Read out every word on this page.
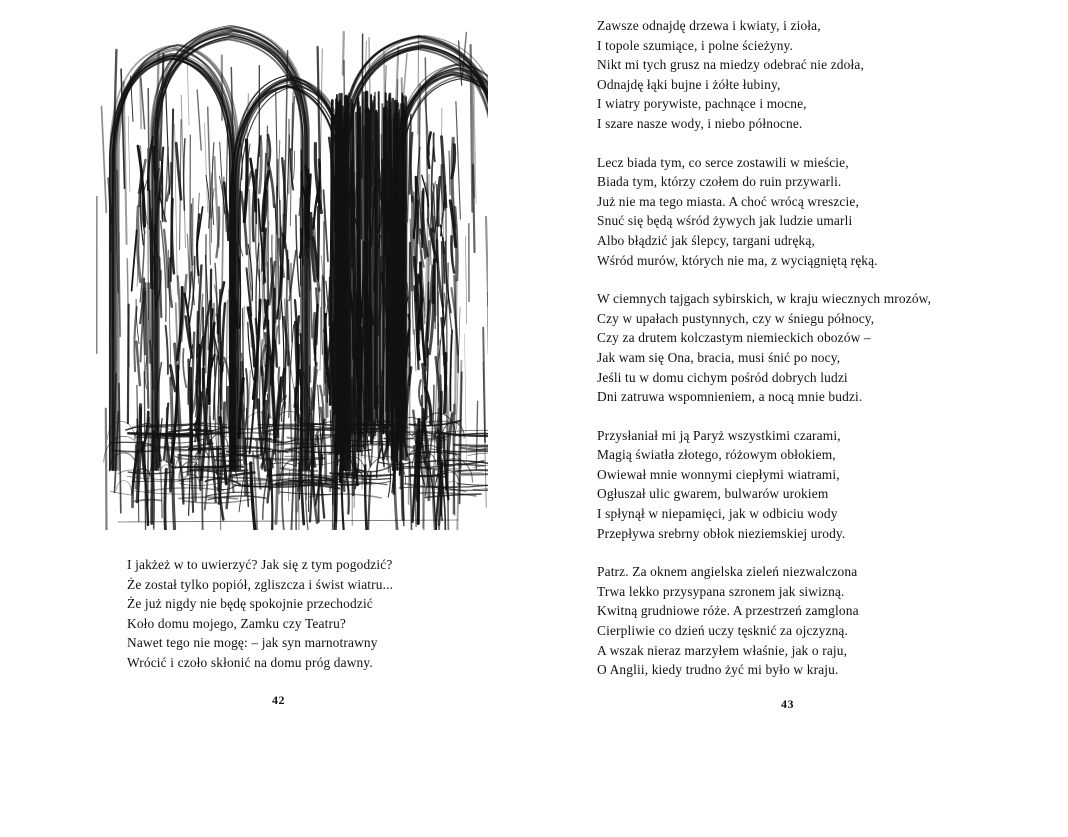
I jakżeż w to uwierzyć? Jak się z tym pogodzić?
Że został tylko popiół, zgliszcza i świst wiatru...
Że już nigdy nie będę spokojnie przechodzić
Koło domu mojego, Zamku czy Teatru?
Nawet tego nie mogę: – jak syn marnotrawny
Wrócić i czoło skłonić na domu próg dawny.
42
Zawsze odnajdę drzewa i kwiaty, i zioła,
I topole szumiące, i polne ścieżyny.
Nikt mi tych grusz na miedzy odebrać nie zdoła,
Odnajdę łąki bujne i żółte łubiny,
I wiatry porywiste, pachnące i mocne,
I szare nasze wody, i niebo północne.
Lecz biada tym, co serce zostawili w mieście,
Biada tym, którzy czołem do ruin przywarli.
Już nie ma tego miasta. A choć wrócą wreszcie,
Snuć się będą wśród żywych jak ludzie umarli
Albo błądzić jak ślepcy, targani udręką,
Wśród murów, których nie ma, z wyciągniętą ręką.
W ciemnych tajgach sybirskich, w kraju wiecznych mrozów,
Czy w upałach pustynnych, czy w śniegu północy,
Czy za drutem kolczastym niemieckich obozów –
Jak wam się Ona, bracia, musi śnić po nocy,
Jeśli tu w domu cichym pośród dobrych ludzi
Dni zatruwa wspomnieniem, a nocą mnie budzi.
Przysłaniał mi ją Paryż wszystkimi czarami,
Magią światła złotego, różowym obłokiem,
Owiewał mnie wonnymi ciepłymi wiatrami,
Ogłuszał ulic gwarem, bulwarów urokiem
I spłynął w niepamięci, jak w odbiciu wody
Przepływa srebrny obłok nieziemskiej urody.
Patrz. Za oknem angielska zieleń niezwalczona
Trwa lekko przysypana szronem jak siwizną.
Kwitną grudniowe róże. A przestrzeń zamglona
Cierpliwie co dzień uczy tęsknić za ojczyzną.
A wszak nieraz marzyłem właśnie, jak o raju,
O Anglii, kiedy trudno żyć mi było w kraju.
43
